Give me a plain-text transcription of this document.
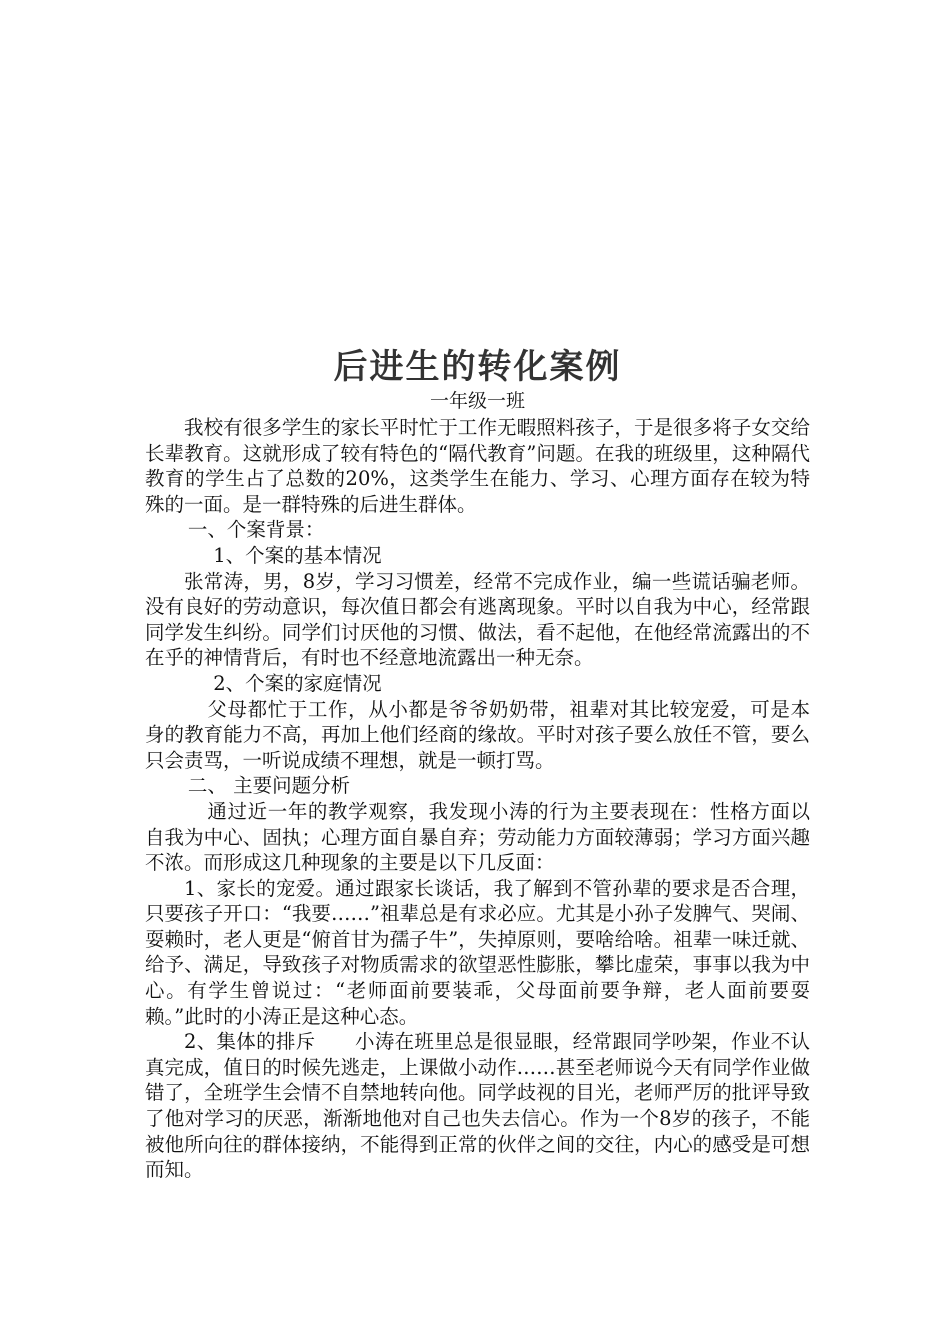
后进生的转化案例

一年级一班

我校有很多学生的家长平时忙于工作无暇照料孩子，于是很多将子女交给长辈教育。这就形成了较有特色的“隔代教育”问题。在我的班级里，这种隔代教育的学生占了总数的20%，这类学生在能力、学习、心理方面存在较为特殊的一面。是一群特殊的后进生群体。

一、个案背景：

1、个案的基本情况

张常涛，男，8岁，学习习惯差，经常不完成作业，编一些谎话骗老师。没有良好的劳动意识，每次值日都会有逃离现象。平时以自我为中心，经常跟同学发生纠纷。同学们讨厌他的习惯、做法，看不起他，在他经常流露出的不在乎的神情背后，有时也不经意地流露出一种无奈。

2、个案的家庭情况

父母都忙于工作，从小都是爷爷奶奶带，祖辈对其比较宠爱，可是本身的教育能力不高，再加上他们经商的缘故。平时对孩子要么放任不管，要么只会责骂，一听说成绩不理想，就是一顿打骂。

二、 主要问题分析

通过近一年的教学观察，我发现小涛的行为主要表现在：性格方面以自我为中心、固执；心理方面自暴自弃；劳动能力方面较薄弱；学习方面兴趣不浓。而形成这几种现象的主要是以下几反面：

1、家长的宠爱。通过跟家长谈话，我了解到不管孙辈的要求是否合理，只要孩子开口：“我要……”祖辈总是有求必应。尤其是小孙子发脾气、哭闹、耍赖时，老人更是“俯首甘为孺子牛”，失掉原则，要啥给啥。祖辈一味迁就、给予、满足，导致孩子对物质需求的欲望恶性膨胀，攀比虚荣，事事以我为中心。有学生曾说过：“老师面前要装乖，父母面前要争辩，老人面前要耍赖。”此时的小涛正是这种心态。

2、集体的排斥　　小涛在班里总是很显眼，经常跟同学吵架，作业不认真完成，值日的时候先逃走，上课做小动作……甚至老师说今天有同学作业做错了，全班学生会情不自禁地转向他。同学歧视的目光，老师严厉的批评导致了他对学习的厌恶，渐渐地他对自己也失去信心。作为一个8岁的孩子，不能被他所向往的群体接纳，不能得到正常的伙伴之间的交往，内心的感受是可想而知。
